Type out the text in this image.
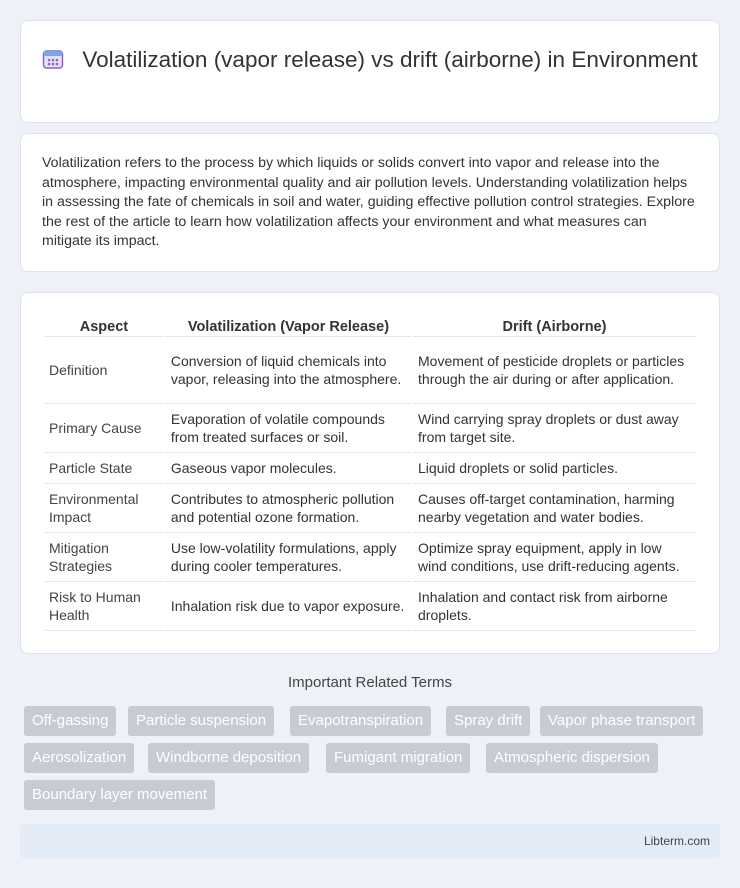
Volatilization (vapor release) vs drift (airborne) in Environment

Volatilization refers to the process by which liquids or solids convert into vapor and release into the atmosphere, impacting environmental quality and air pollution levels. Understanding volatilization helps in assessing the fate of chemicals in soil and water, guiding effective pollution control strategies. Explore the rest of the article to learn how volatilization affects your environment and what measures can mitigate its impact.

Aspect	Volatilization (Vapor Release)	Drift (Airborne)
Definition	Conversion of liquid chemicals into vapor, releasing into the atmosphere.	Movement of pesticide droplets or particles through the air during or after application.
Primary Cause	Evaporation of volatile compounds from treated surfaces or soil.	Wind carrying spray droplets or dust away from target site.
Particle State	Gaseous vapor molecules.	Liquid droplets or solid particles.
Environmental Impact	Contributes to atmospheric pollution and potential ozone formation.	Causes off-target contamination, harming nearby vegetation and water bodies.
Mitigation Strategies	Use low-volatility formulations, apply during cooler temperatures.	Optimize spray equipment, apply in low wind conditions, use drift-reducing agents.
Risk to Human Health	Inhalation risk due to vapor exposure.	Inhalation and contact risk from airborne droplets.
Important Related Terms
Off-gassing	Particle suspension	Evapotranspiration	Spray drift	Vapor phase transport
Aerosolization	Windborne deposition	Fumigant migration	Atmospheric dispersion
Boundary layer movement
Libterm.com
